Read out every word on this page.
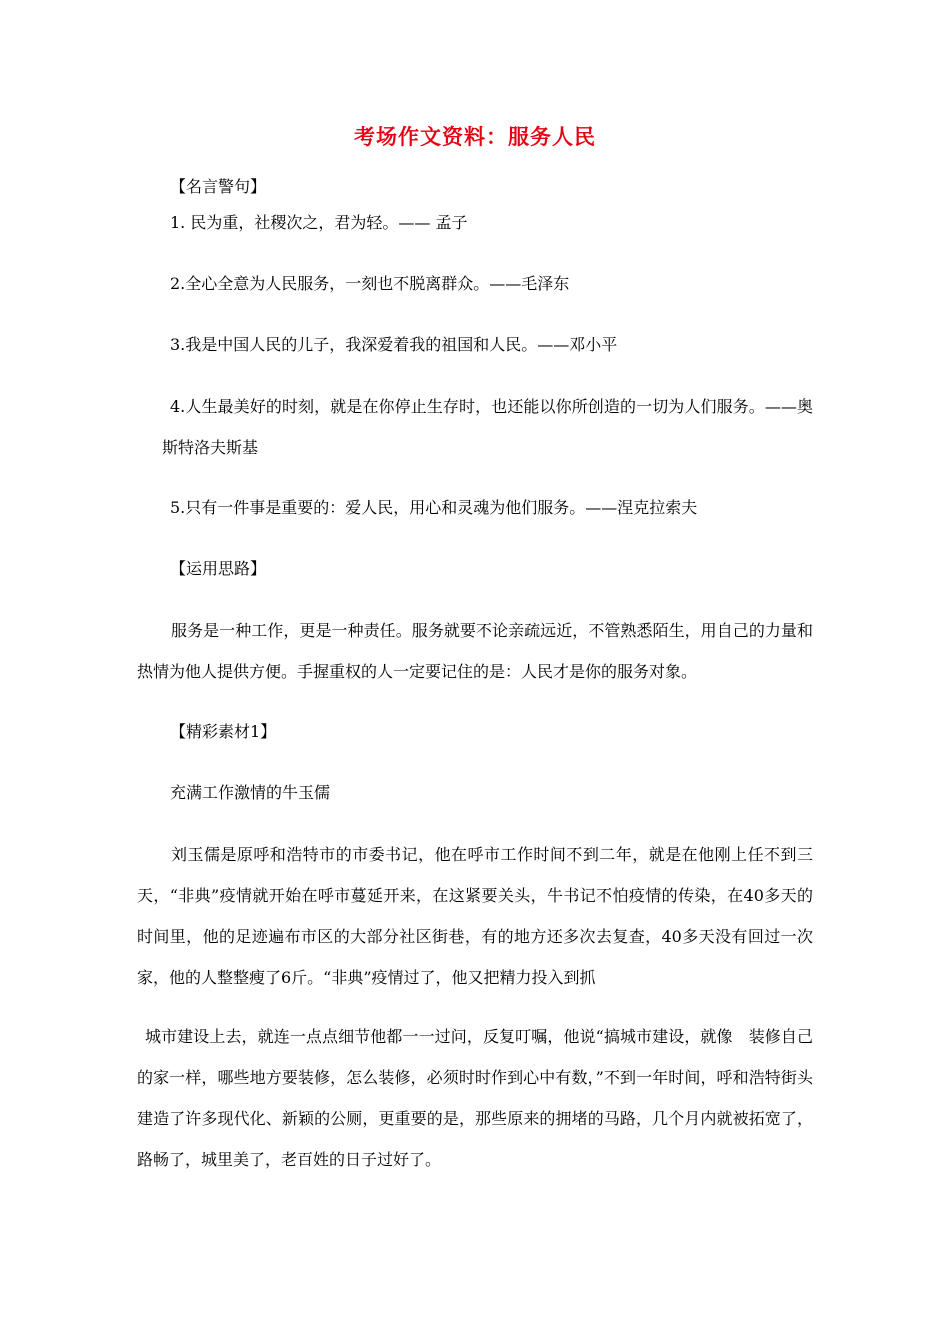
考场作文资料：服务人民
【名言警句】
1. 民为重，社稷次之，君为轻。—— 孟子
2.全心全意为人民服务，一刻也不脱离群众。——毛泽东
3.我是中国人民的儿子，我深爱着我的祖国和人民。——邓小平
4.人生最美好的时刻，就是在你停止生存时，也还能以你所创造的一切为人们服务。——奥斯特洛夫斯基
5.只有一件事是重要的：爱人民，用心和灵魂为他们服务。——涅克拉索夫
【运用思路】
服务是一种工作，更是一种责任。服务就要不论亲疏远近，不管熟悉陌生，用自己的力量和热情为他人提供方便。手握重权的人一定要记住的是：人民才是你的服务对象。
【精彩素材1】
充满工作激情的牛玉儒
刘玉儒是原呼和浩特市的市委书记，他在呼市工作时间不到二年，就是在他刚上任不到三天，“非典”疫情就开始在呼市蔓延开来，在这紧要关头，牛书记不怕疫情的传染，在40多天的时间里，他的足迹遍布市区的大部分社区街巷，有的地方还多次去复查，40多天没有回过一次家，他的人整整瘦了6斤。“非典”疫情过了，他又把精力投入到抓
城市建设上去，就连一点点细节他都一一过问，反复叮嘱，他说“搞城市建设，就像　装修自己的家一样，哪些地方要装修，怎么装修，必须时时作到心中有数，”不到一年时间，呼和浩特街头建造了许多现代化、新颖的公厕，更重要的是，那些原来的拥堵的马路，几个月内就被拓宽了，路畅了，城里美了，老百姓的日子过好了。
